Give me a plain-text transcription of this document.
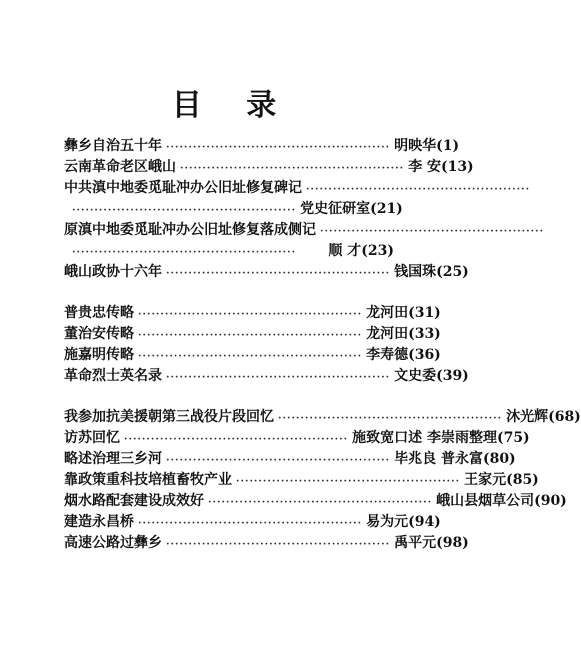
目 录
彝乡自治五十年 ·················································· 明映华(1)
云南革命老区峨山 ·················································· 李 安(13)
中共滇中地委觅耻冲办公旧址修复碑记 ··················································
·················································· 党史征研室(21)
原滇中地委觅耻冲办公旧址修复落成侧记 ··················································
··················································	顺 才(23)
峨山政协十六年 ·················································· 钱国珠(25)
普贵忠传略 ·················································· 龙河田(31)
董治安传略 ·················································· 龙河田(33)
施嘉明传略 ·················································· 李寿德(36)
革命烈士英名录 ·················································· 文史委(39)
我参加抗美援朝第三战役片段回忆 ·················································· 沐光辉(68)
访苏回忆 ·················································· 施致宽口述 李崇雨整理(75)
略述治理三乡河 ·················································· 毕兆良 普永富(80)
靠政策重科技培植畜牧产业 ·················································· 王家元(85)
烟水路配套建设成效好 ·················································· 峨山县烟草公司(90)
建造永昌桥 ·················································· 易为元(94)
高速公路过彝乡 ·················································· 禹平元(98)
